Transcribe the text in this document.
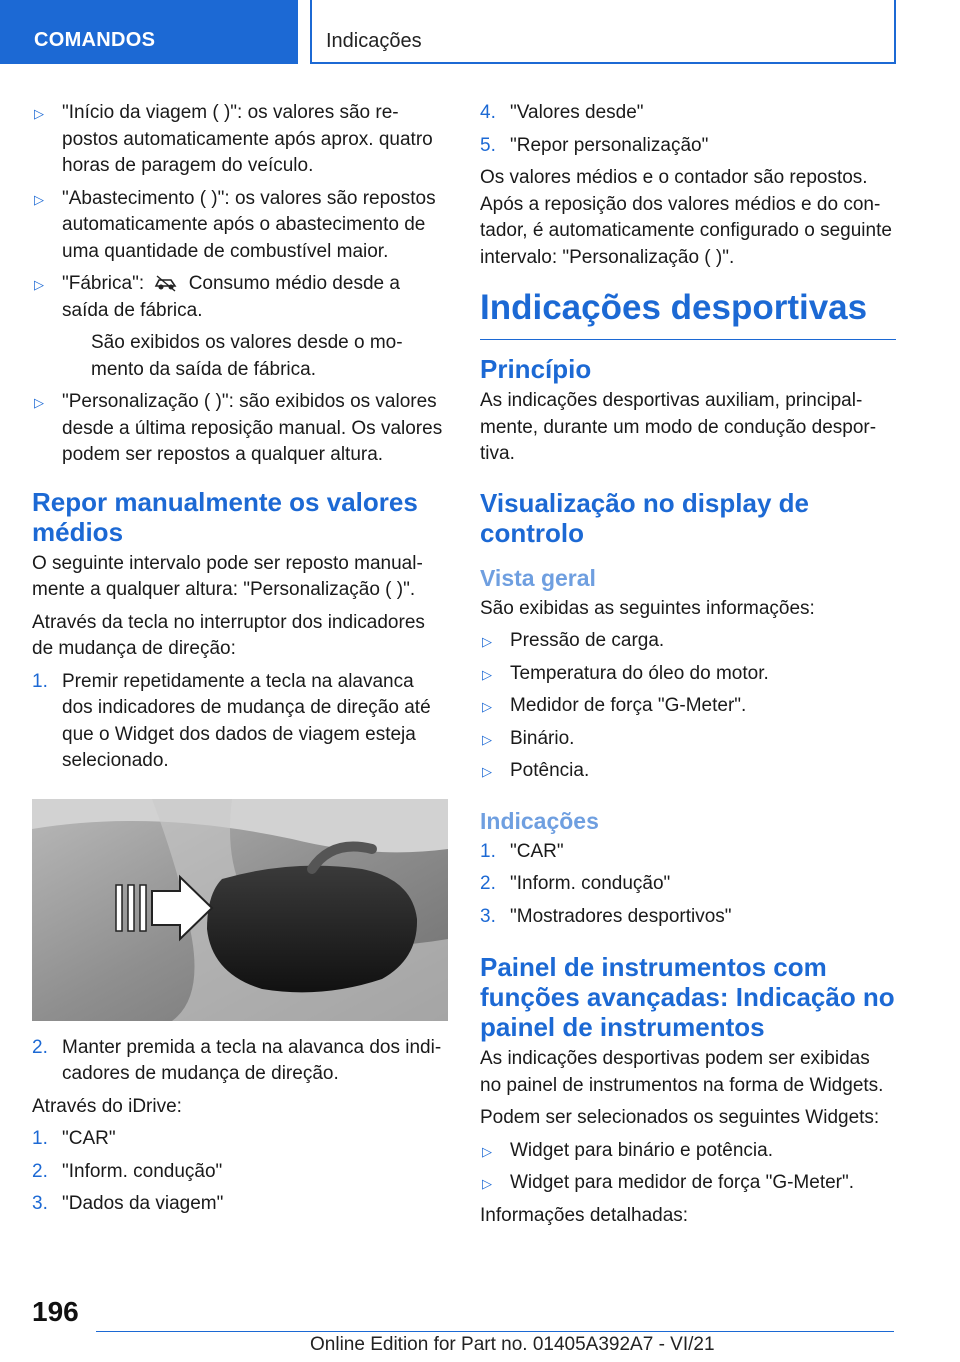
COMANDOS	Indicações
▷ "Início da viagem ( )": os valores são repostos automaticamente após aprox. quatro horas de paragem do veículo.
▷ "Abastecimento ( )": os valores são repostos automaticamente após o abastecimento de uma quantidade de combustível maior.
▷ "Fábrica": Consumo médio desde a saída de fábrica.

São exibidos os valores desde o momento da saída de fábrica.

▷ "Personalização ( )": são exibidos os valores desde a última reposição manual. Os valores podem ser repostos a qualquer altura.
Repor manualmente os valores médios

O seguinte intervalo pode ser reposto manualmente a qualquer altura: "Personalização ( )".

Através da tecla no interruptor dos indicadores de mudança de direção:

1. Premir repetidamente a tecla na alavanca dos indicadores de mudança de direção até que o Widget dos dados de viagem esteja selecionado.
2. Manter premida a tecla na alavanca dos indicadores de mudança de direção.

Através do iDrive:

1. "CAR"
2. "Inform. condução"
3. "Dados da viagem"
4. "Valores desde"
5. "Repor personalização"

Os valores médios e o contador são repostos. Após a reposição dos valores médios e do contador, é automaticamente configurado o seguinte intervalo: "Personalização ( )".

Indicações desportivas
Princípio

As indicações desportivas auxiliam, principalmente, durante um modo de condução desportiva.

Visualização no display de controlo
Vista geral

São exibidas as seguintes informações:

▷ Pressão de carga.
▷ Temperatura do óleo do motor.
▷ Medidor de força "G-Meter".
▷ Binário.
▷ Potência.
Indicações
1. "CAR"
2. "Inform. condução"
3. "Mostradores desportivos"
Painel de instrumentos com funções avançadas: Indicação no painel de instrumentos

As indicações desportivas podem ser exibidas no painel de instrumentos na forma de Widgets.

Podem ser selecionados os seguintes Widgets:

▷ Widget para binário e potência.
▷ Widget para medidor de força "G-Meter".

Informações detalhadas:

196
Online Edition for Part no. 01405A392A7 - VI/21
